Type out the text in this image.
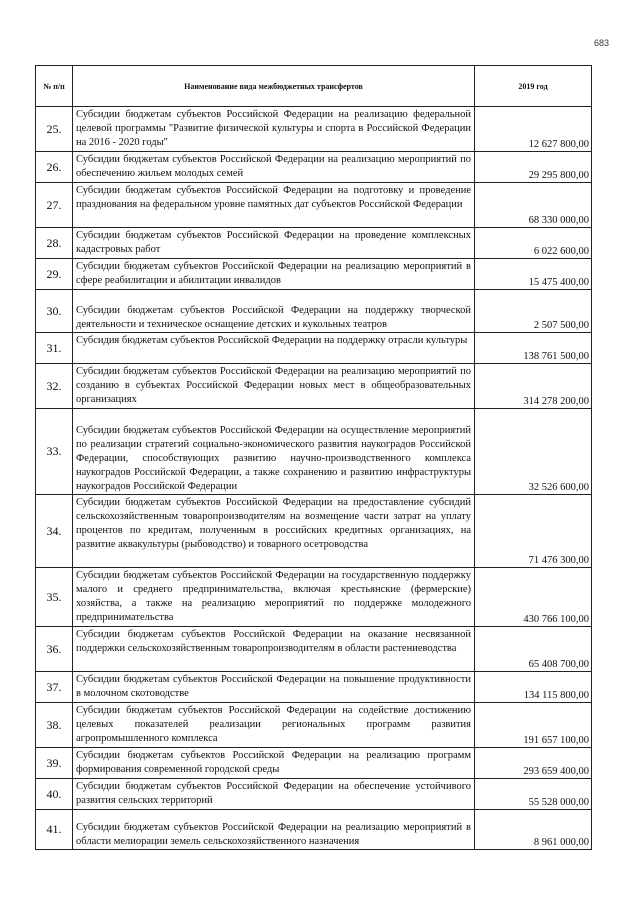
683
№ п/п	Наименование вида межбюджетных трансфертов	2019 год
25.	Субсидии бюджетам субъектов Российской Федерации на реализацию федеральной целевой программы "Развитие физической культуры и спорта в Российской Федерации на 2016 - 2020 годы"	12 627 800,00
26.	Субсидии бюджетам субъектов Российской Федерации на реализацию мероприятий по обеспечению жильем молодых семей	29 295 800,00
27.	Субсидии бюджетам субъектов Российской Федерации на подготовку и проведение празднования на федеральном уровне памятных дат субъектов Российской Федерации	68 330 000,00
28.	Субсидии бюджетам субъектов Российской Федерации на проведение комплексных кадастровых работ	6 022 600,00
29.	Субсидии бюджетам субъектов Российской Федерации на реализацию мероприятий в сфере реабилитации и абилитации инвалидов	15 475 400,00
30.	Субсидии бюджетам субъектов Российской Федерации на поддержку творческой деятельности и техническое оснащение детских и кукольных театров	2 507 500,00
31.	Субсидия бюджетам субъектов Российской Федерации на поддержку отрасли культуры	138 761 500,00
32.	Субсидии бюджетам субъектов Российской Федерации на реализацию мероприятий по созданию в субъектах Российской Федерации новых мест в общеобразовательных организациях	314 278 200,00
33.	Субсидии бюджетам субъектов Российской Федерации на осуществление мероприятий по реализации стратегий социально-экономического развития наукоградов Российской Федерации, способствующих развитию научно-производственного комплекса наукоградов Российской Федерации, а также сохранению и развитию инфраструктуры наукоградов Российской Федерации	32 526 600,00
34.	Субсидии бюджетам субъектов Российской Федерации на предоставление субсидий сельскохозяйственным товаропроизводителям на возмещение части затрат на уплату процентов по кредитам, полученным в российских кредитных организациях, на развитие аквакультуры (рыбоводство) и товарного осетроводства	71 476 300,00
35.	Субсидии бюджетам субъектов Российской Федерации на государственную поддержку малого и среднего предпринимательства, включая крестьянские (фермерские) хозяйства, а также на реализацию мероприятий по поддержке молодежного предпринимательства	430 766 100,00
36.	Субсидии бюджетам субъектов Российской Федерации на оказание несвязанной поддержки сельскохозяйственным товаропроизводителям в области растениеводства	65 408 700,00
37.	Субсидии бюджетам субъектов Российской Федерации на повышение продуктивности в молочном скотоводстве	134 115 800,00
38.	Субсидии бюджетам субъектов Российской Федерации на содействие достижению целевых показателей реализации региональных программ развития агропромышленного комплекса	191 657 100,00
39.	Субсидии бюджетам субъектов Российской Федерации на реализацию программ формирования современной городской среды	293 659 400,00
40.	Субсидии бюджетам субъектов Российской Федерации на обеспечение устойчивого развития сельских территорий	55 528 000,00
41.	Субсидии бюджетам субъектов Российской Федерации на реализацию мероприятий в области мелиорации земель сельскохозяйственного назначения	8 961 000,00
